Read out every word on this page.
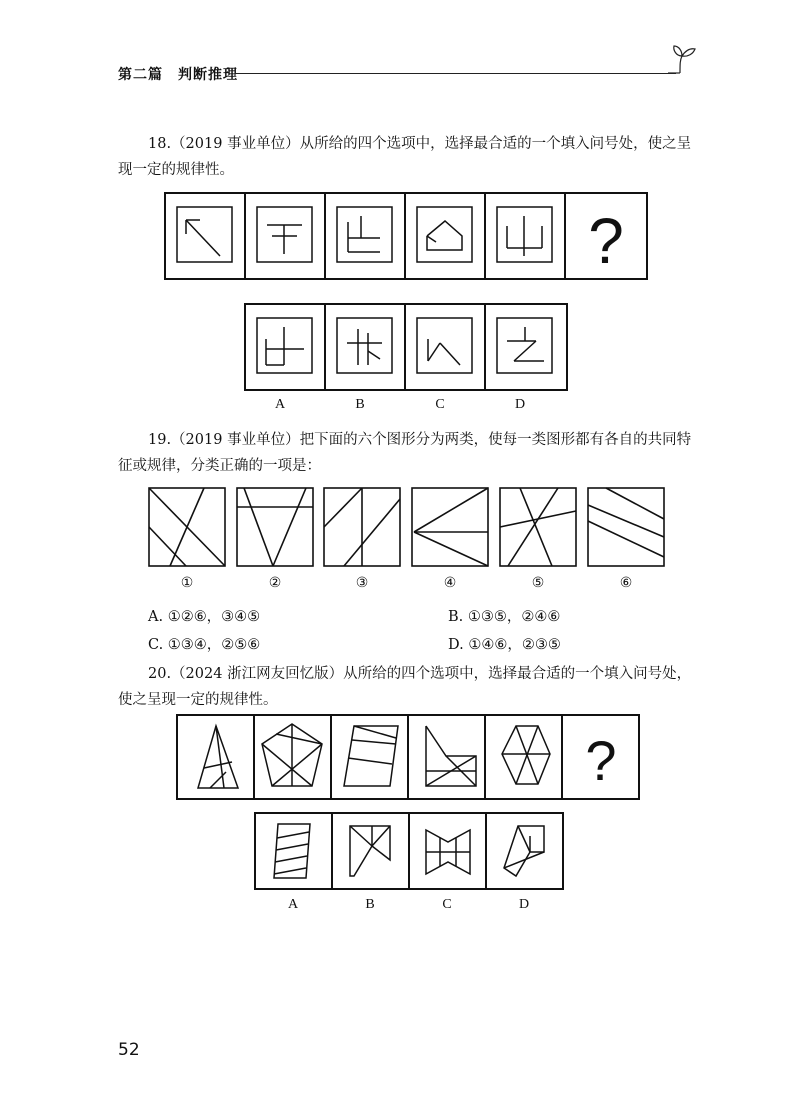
第二篇　判断推理
18.（2019 事业单位）从所给的四个选项中，选择最合适的一个填入问号处，使之呈现一定的规律性。
?
A	B	C	D
19.（2019 事业单位）把下面的六个图形分为两类，使每一类图形都有各自的共同特征或规律，分类正确的一项是：
①	②	③	④	⑤	⑥
A. ①②⑥，③④⑤	B. ①③⑤，②④⑥
C. ①③④，②⑤⑥	D. ①④⑥，②③⑤
20.（2024 浙江网友回忆版）从所给的四个选项中，选择最合适的一个填入问号处，使之呈现一定的规律性。
?
A	B	C	D
52
